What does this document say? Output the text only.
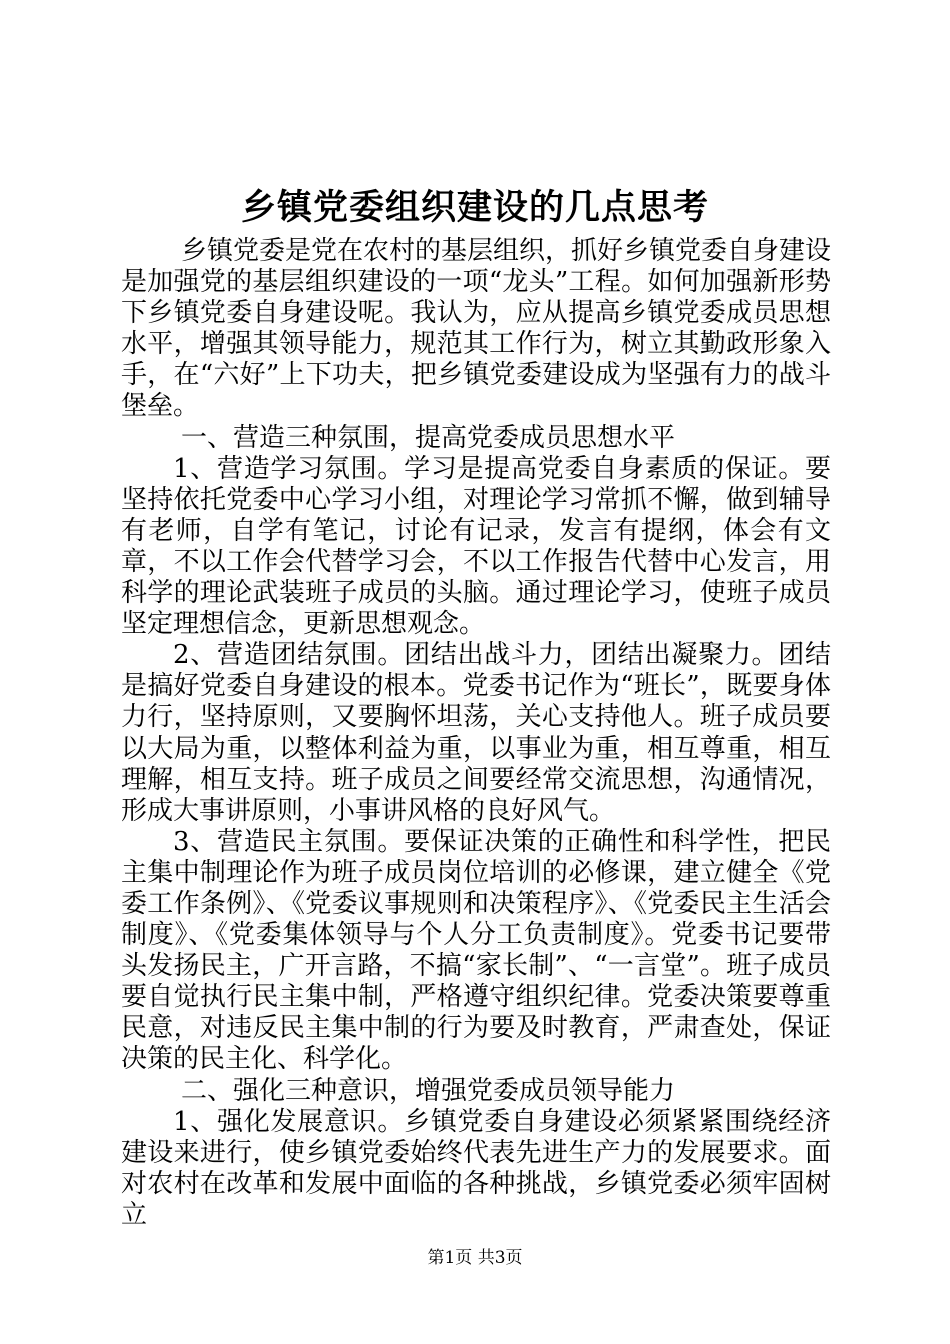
乡镇党委组织建设的几点思考

乡镇党委是党在农村的基层组织，抓好乡镇党委自身建设是加强党的基层组织建设的一项“龙头”工程。如何加强新形势下乡镇党委自身建设呢。我认为，应从提高乡镇党委成员思想水平，增强其领导能力，规范其工作行为，树立其勤政形象入手，在“六好”上下功夫，把乡镇党委建设成为坚强有力的战斗堡垒。

一、营造三种氛围，提高党委成员思想水平

1、营造学习氛围。学习是提高党委自身素质的保证。要坚持依托党委中心学习小组，对理论学习常抓不懈，做到辅导有老师，自学有笔记，讨论有记录，发言有提纲，体会有文章，不以工作会代替学习会，不以工作报告代替中心发言，用科学的理论武装班子成员的头脑。通过理论学习，使班子成员坚定理想信念，更新思想观念。

2、营造团结氛围。团结出战斗力，团结出凝聚力。团结是搞好党委自身建设的根本。党委书记作为“班长”，既要身体力行，坚持原则，又要胸怀坦荡，关心支持他人。班子成员要以大局为重，以整体利益为重，以事业为重，相互尊重，相互理解，相互支持。班子成员之间要经常交流思想，沟通情况，形成大事讲原则，小事讲风格的良好风气。

3、营造民主氛围。要保证决策的正确性和科学性，把民主集中制理论作为班子成员岗位培训的必修课，建立健全《党委工作条例》、《党委议事规则和决策程序》、《党委民主生活会制度》、《党委集体领导与个人分工负责制度》。党委书记要带头发扬民主，广开言路，不搞“家长制”、“一言堂”。班子成员要自觉执行民主集中制，严格遵守组织纪律。党委决策要尊重民意，对违反民主集中制的行为要及时教育，严肃查处，保证决策的民主化、科学化。

二、强化三种意识，增强党委成员领导能力

1、强化发展意识。乡镇党委自身建设必须紧紧围绕经济建设来进行，使乡镇党委始终代表先进生产力的发展要求。面对农村在改革和发展中面临的各种挑战，乡镇党委必须牢固树立

第1页 共3页
